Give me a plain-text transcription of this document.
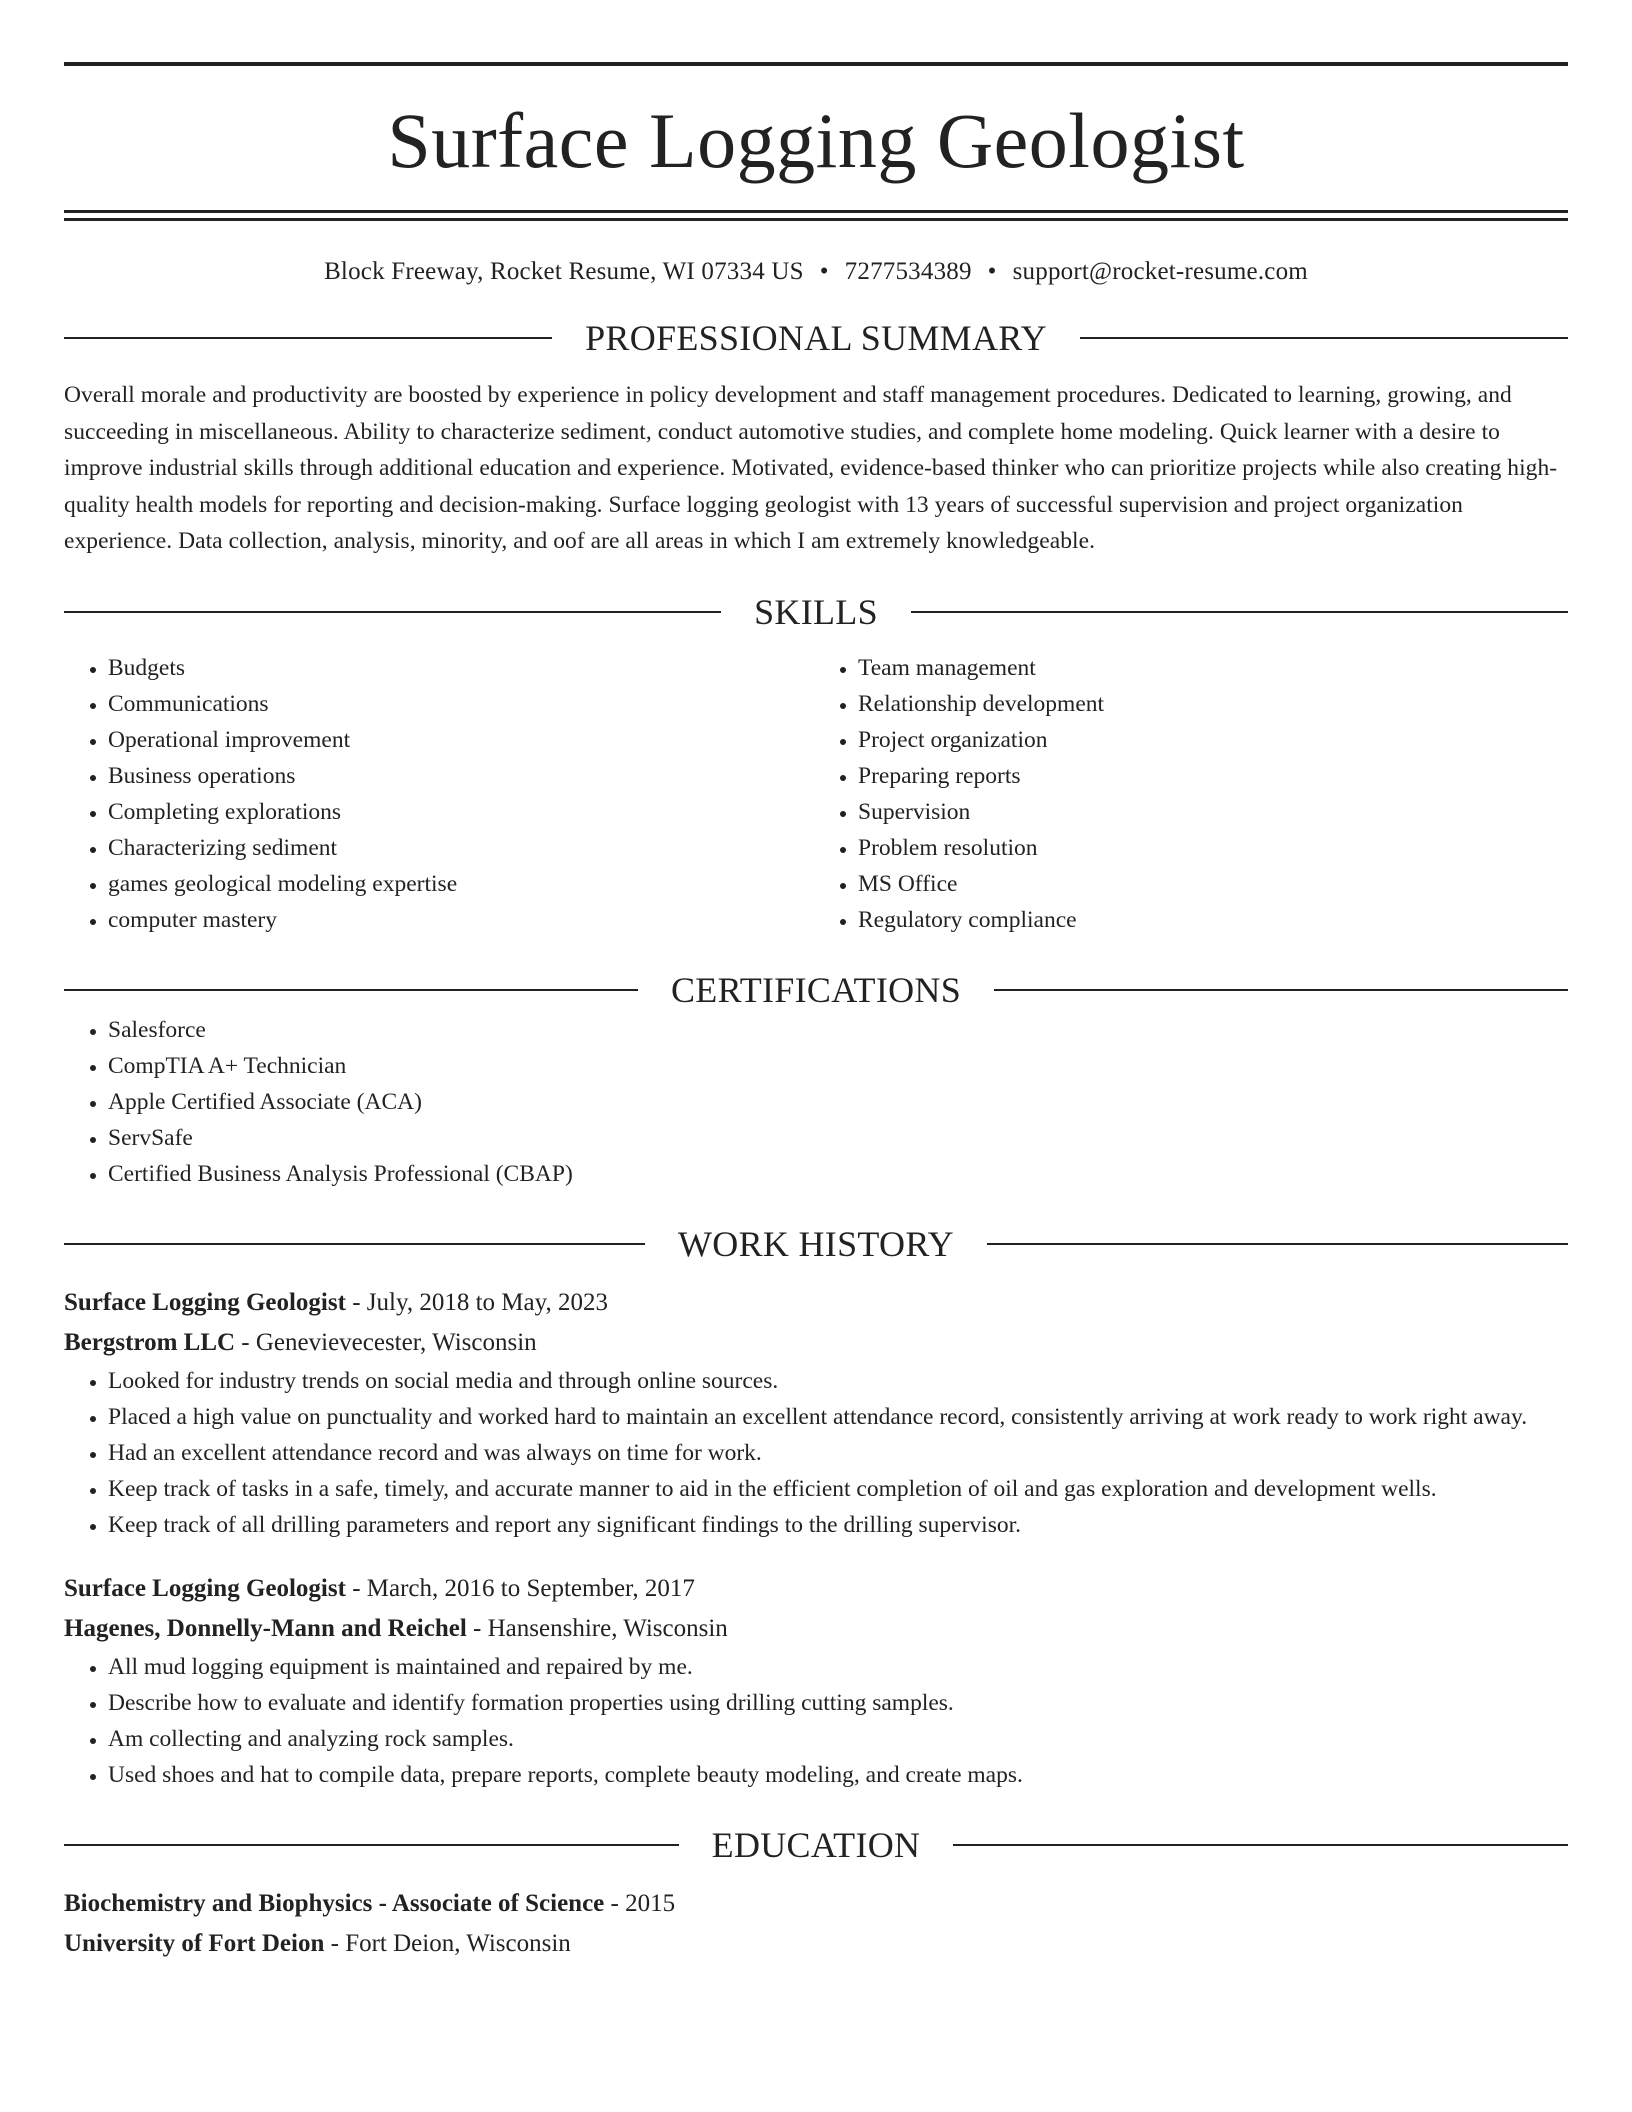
Surface Logging Geologist
Block Freeway, Rocket Resume, WI 07334 US • 7277534389 • support@rocket-resume.com
PROFESSIONAL SUMMARY
Overall morale and productivity are boosted by experience in policy development and staff management procedures. Dedicated to learning, growing, and succeeding in miscellaneous. Ability to characterize sediment, conduct automotive studies, and complete home modeling. Quick learner with a desire to improve industrial skills through additional education and experience. Motivated, evidence-based thinker who can prioritize projects while also creating high-quality health models for reporting and decision-making. Surface logging geologist with 13 years of successful supervision and project organization experience. Data collection, analysis, minority, and oof are all areas in which I am extremely knowledgeable.
SKILLS
• Budgets
• Communications
• Operational improvement
• Business operations
• Completing explorations
• Characterizing sediment
• games geological modeling expertise
• computer mastery
• Team management
• Relationship development
• Project organization
• Preparing reports
• Supervision
• Problem resolution
• MS Office
• Regulatory compliance
CERTIFICATIONS
• Salesforce
• CompTIA A+ Technician
• Apple Certified Associate (ACA)
• ServSafe
• Certified Business Analysis Professional (CBAP)
WORK HISTORY
Surface Logging Geologist - July, 2018 to May, 2023
Bergstrom LLC - Genevievecester, Wisconsin
• Looked for industry trends on social media and through online sources.
• Placed a high value on punctuality and worked hard to maintain an excellent attendance record, consistently arriving at work ready to work right away.
• Had an excellent attendance record and was always on time for work.
• Keep track of tasks in a safe, timely, and accurate manner to aid in the efficient completion of oil and gas exploration and development wells.
• Keep track of all drilling parameters and report any significant findings to the drilling supervisor.
Surface Logging Geologist - March, 2016 to September, 2017
Hagenes, Donnelly-Mann and Reichel - Hansenshire, Wisconsin
• All mud logging equipment is maintained and repaired by me.
• Describe how to evaluate and identify formation properties using drilling cutting samples.
• Am collecting and analyzing rock samples.
• Used shoes and hat to compile data, prepare reports, complete beauty modeling, and create maps.
EDUCATION
Biochemistry and Biophysics - Associate of Science - 2015
University of Fort Deion - Fort Deion, Wisconsin
